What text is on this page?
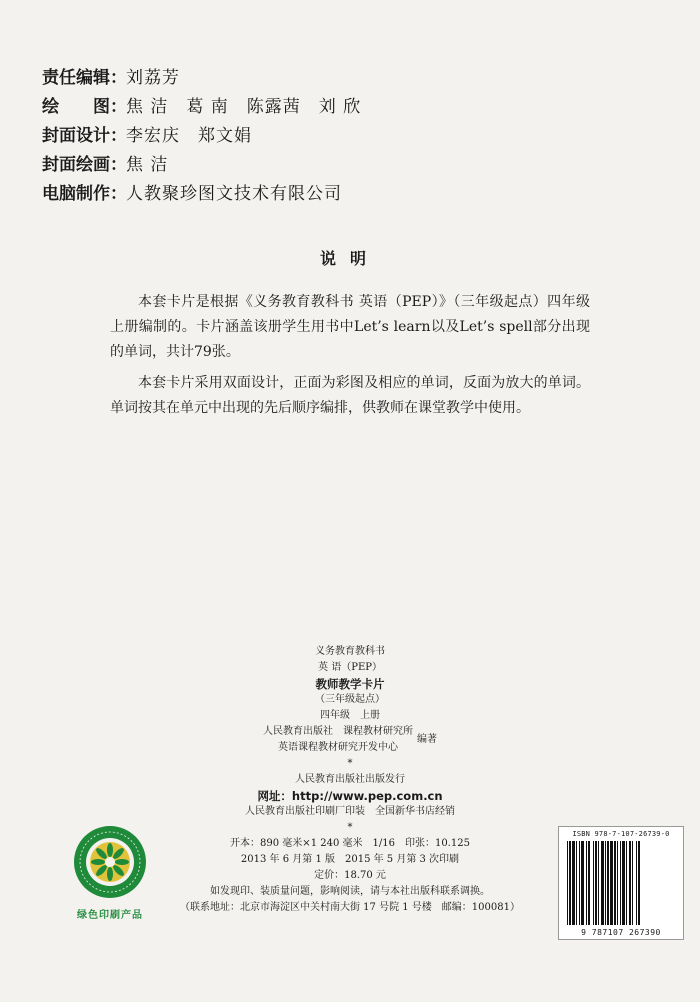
责任编辑： 刘荔芳
绘　　图： 焦 洁　葛 南　陈露茜　刘 欣
封面设计： 李宏庆　郑文娟
封面绘画： 焦 洁
电脑制作： 人教聚珍图文技术有限公司
说明

本套卡片是根据《义务教育教科书 英语（PEP）》（三年级起点）四年级上册编制的。卡片涵盖该册学生用书中Let’s learn以及Let’s spell部分出现的单词，共计79张。

本套卡片采用双面设计，正面为彩图及相应的单词，反面为放大的单词。单词按其在单元中出现的先后顺序编排，供教师在课堂教学中使用。

义务教育教科书
英 语（PEP）
教师教学卡片
（三年级起点）
四年级　上册
人民教育出版社　课程教材研究所
英语课程教材研究开发中心
编著
*
人民教育出版社出版发行
网址：http://www.pep.com.cn
人民教育出版社印刷厂印装　全国新华书店经销
*
开本：890 毫米×1 240 毫米　1/16　印张：10.125
2013 年 6 月第 1 版　2015 年 5 月第 3 次印刷
定价：18.70 元
如发现印、装质量问题，影响阅读，请与本社出版科联系调换。
（联系地址：北京市海淀区中关村南大街 17 号院 1 号楼　邮编：100081）
绿色印刷产品
ISBN 978-7-107-26739-0
9 787107 267390
